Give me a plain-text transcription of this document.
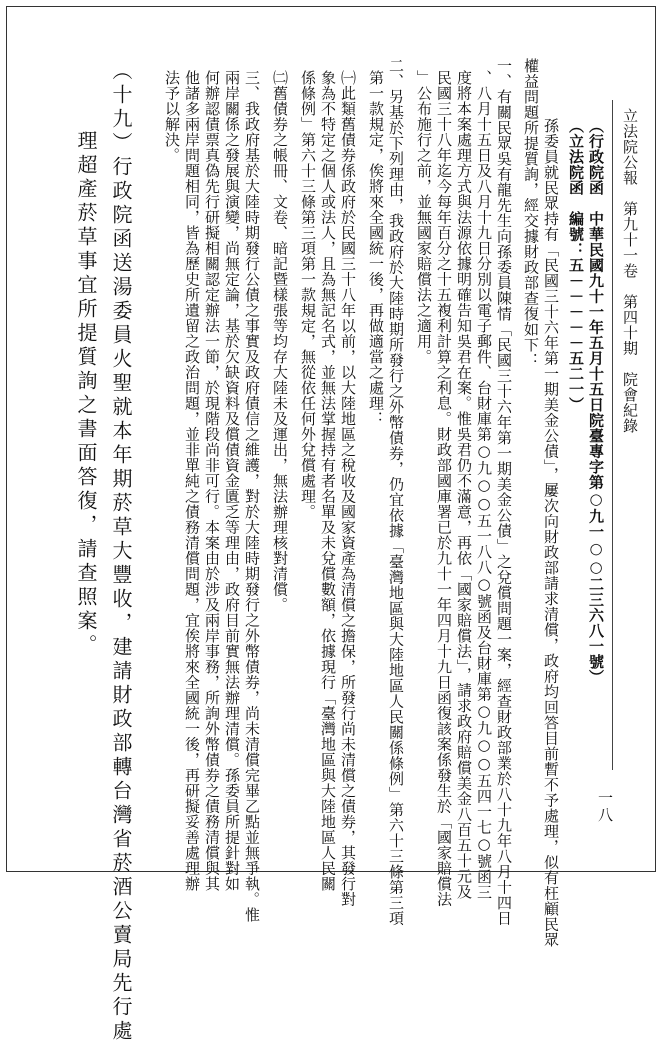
立法院公報　第九十一卷　第四十期　院會紀錄
一八
（行政院函　中華民國九十一年五月十五日院臺專字第○九一○○二三六八一號）
（立法院函　編號：五－－－－－五二一）
孫委員就民眾持有「民國三十六年第一期美金公債」，屢次向財政部請求清償，政府均回答目前暫不予處理，似有枉顧民眾
權益問題所提質詢，經交據財政部查復如下：
一、有關民眾吳有龍先生向孫委員陳情「民國三十六年第一期美金公債」之兌償問題一案，經查財政部業於八十九年八月十四日
、八月十五日及八月十九日分別以電子郵件、台財庫第○九○○五一八八○號函及台財庫第○九○○五四一七○號函三
度將本案處理方式與法源依據明確告知吳君在案。惟吳君仍不滿意，再依「國家賠償法」，請求政府賠償美金八百五十元及
民國三十八年迄今每年百分之十五複利計算之利息。財政部國庫署已於九十一年四月十九日函復該案係發生於「國家賠償法
」公布施行之前，並無國家賠償法之適用。
二、另基於下列理由，我政府於大陸時期所發行之外幣債券，仍宜依據「臺灣地區與大陸地區人民關係條例」第六十三條第三項
第一款規定，俟將來全國統一後，再做適當之處理：
㈠此類舊債券係政府於民國三十八年以前，以大陸地區之稅收及國家資產為清償之擔保，所發行尚未清償之債券，其發行對
象為不特定之個人或法人，且為無記名式，並無法掌握持有者名單及未兌償數額，依據現行「臺灣地區與大陸地區人民關
係條例」第六十三條第三項第一款規定，無從依任何外兌償處理。
㈡舊債券之帳冊、文卷、暗記暨樣張等均存大陸未及運出，無法辦理核對清償。
三、我政府基於大陸時期發行公債之事實及政府債信之維護，對於大陸時期發行之外幣債券，尚未清償完畢乙點並無爭執。惟
兩岸關係之發展與演變，尚無定論，基於欠缺資料及償債資金匱乏等理由，政府目前實無法辦理清償。孫委員所提針對如
何辦認債票真偽先行研擬相關認定辦法一節，於現階段尚非可行。本案由於涉及兩岸事務，所詢外幣債券之債務清償與其
他諸多兩岸問題相同，皆為歷史所遺留之政治問題，並非單純之債務清償問題，宜俟將來全國統一後，再研擬妥善處理辦
法予以解決。
（十九）行政院函送湯委員火聖就本年期菸草大豐收，建請財政部轉台灣省菸酒公賣局先行處
理超產菸草事宜所提質詢之書面答復，請查照案。
